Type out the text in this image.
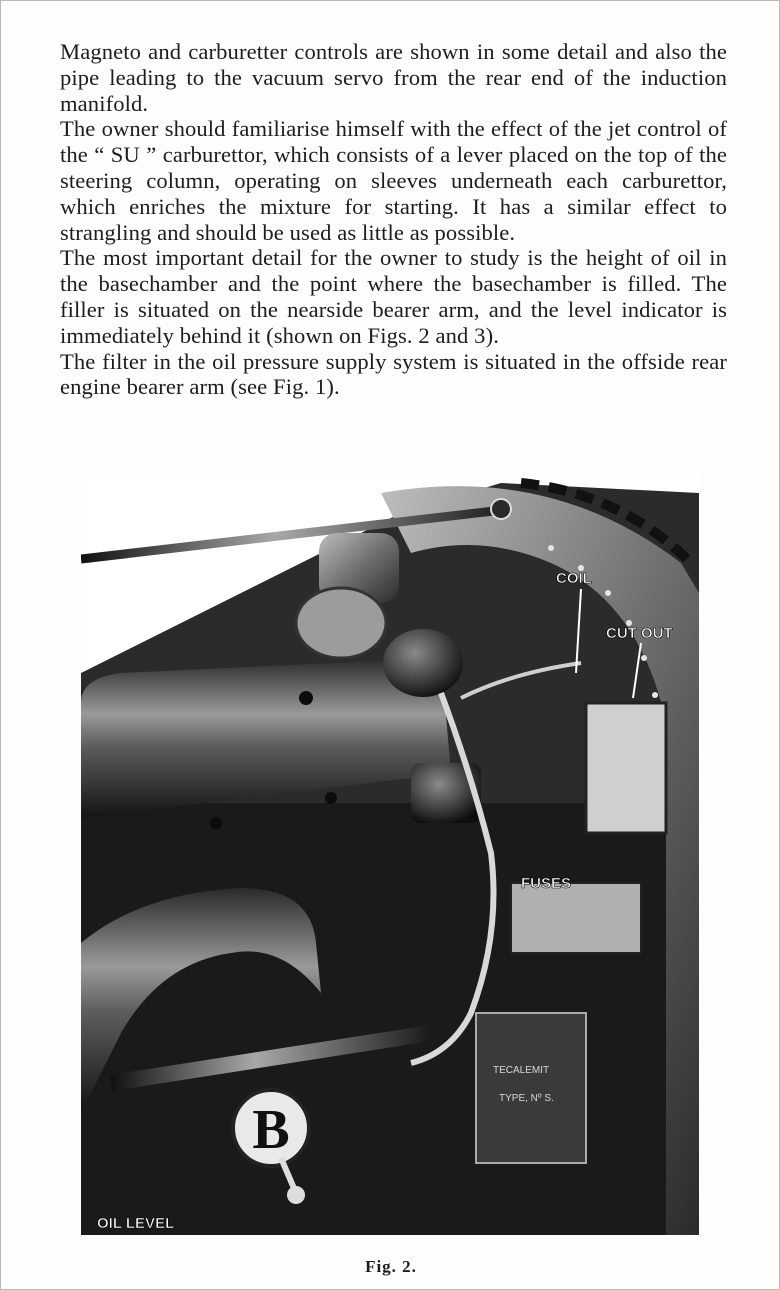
Magneto and carburetter controls are shown in some detail and also the pipe leading to the vacuum servo from the rear end of the induction manifold.

The owner should familiarise himself with the effect of the jet control of the “ SU ” carburettor, which consists of a lever placed on the top of the steering column, operating on sleeves underneath each carburettor, which enriches the mixture for starting. It has a similar effect to strangling and should be used as little as possible.

The most important detail for the owner to study is the height of oil in the basechamber and the point where the basechamber is filled. The filler is situated on the nearside bearer arm, and the level indicator is immediately behind it (shown on Figs. 2 and 3).

The filter in the oil pressure supply system is situated in the offside rear engine bearer arm (see Fig. 1).

TECALEMIT
TYPE, Nº S.
B
COIL
CUT OUT
FUSES
OIL LEVEL
Fig. 2.
